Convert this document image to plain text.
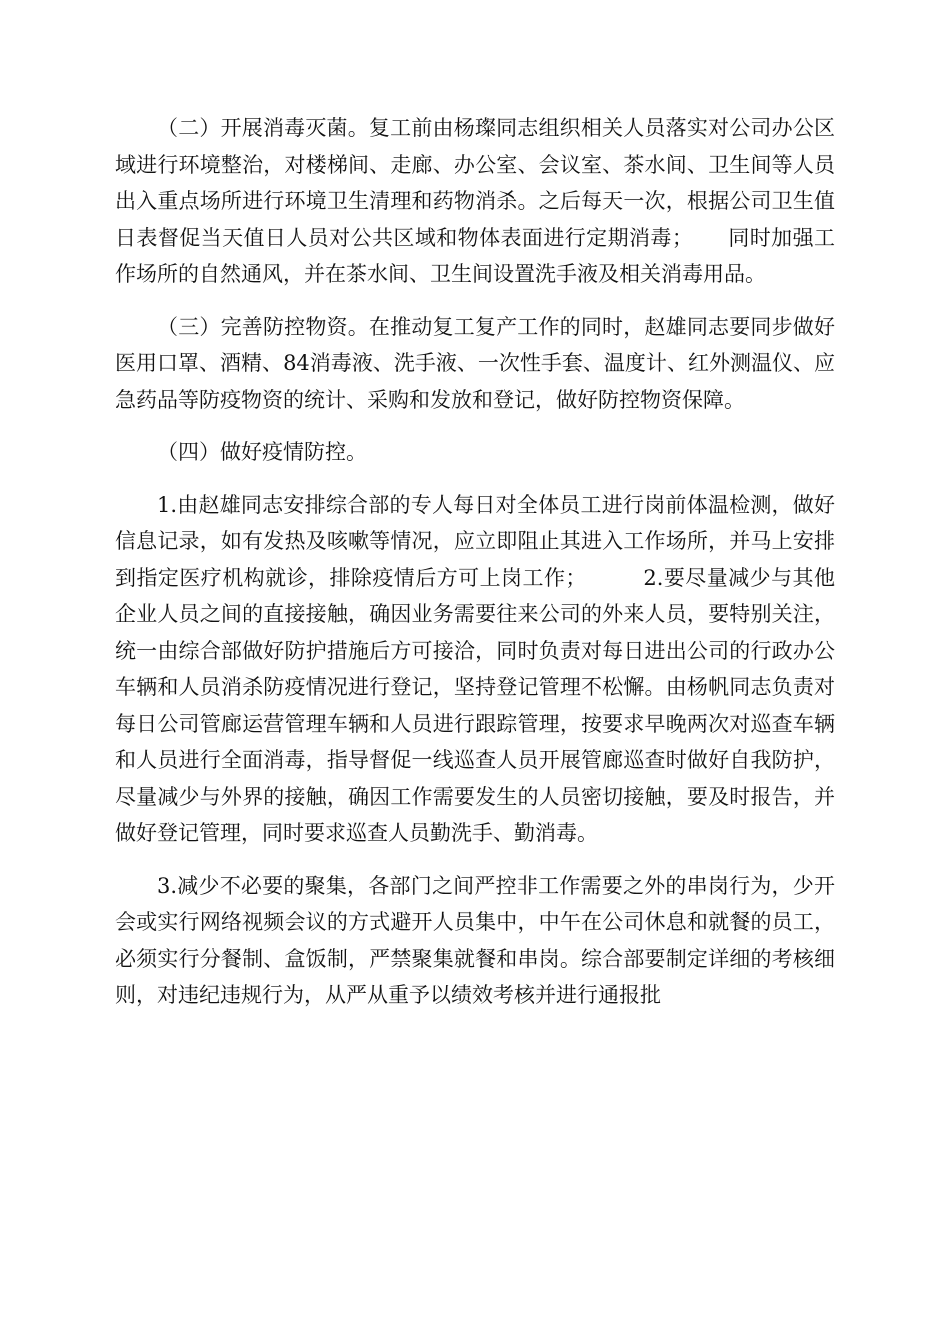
（二）开展消毒灭菌。复工前由杨璨同志组织相关人员落实对公司办公区域进行环境整治，对楼梯间、走廊、办公室、会议室、茶水间、卫生间等人员出入重点场所进行环境卫生清理和药物消杀。之后每天一次，根据公司卫生值日表督促当天值日人员对公共区域和物体表面进行定期消毒； 同时加强工作场所的自然通风，并在茶水间、卫生间设置洗手液及相关消毒用品。

（三）完善防控物资。在推动复工复产工作的同时，赵雄同志要同步做好医用口罩、酒精、84消毒液、洗手液、一次性手套、温度计、红外测温仪、应急药品等防疫物资的统计、采购和发放和登记，做好防控物资保障。

（四）做好疫情防控。

1.由赵雄同志安排综合部的专人每日对全体员工进行岗前体温检测，做好信息记录，如有发热及咳嗽等情况，应立即阻止其进入工作场所，并马上安排到指定医疗机构就诊，排除疫情后方可上岗工作；	2.要尽量减少与其他企业人员之间的直接接触，确因业务需要往来公司的外来人员，要特别关注，统一由综合部做好防护措施后方可接洽，同时负责对每日进出公司的行政办公车辆和人员消杀防疫情况进行登记，坚持登记管理不松懈。由杨帆同志负责对每日公司管廊运营管理车辆和人员进行跟踪管理，按要求早晚两次对巡查车辆和人员进行全面消毒，指导督促一线巡查人员开展管廊巡查时做好自我防护，尽量减少与外界的接触，确因工作需要发生的人员密切接触，要及时报告，并做好登记管理，同时要求巡查人员勤洗手、勤消毒。

3.减少不必要的聚集，各部门之间严控非工作需要之外的串岗行为，少开会或实行网络视频会议的方式避开人员集中，中午在公司休息和就餐的员工，必须实行分餐制、盒饭制，严禁聚集就餐和串岗。综合部要制定详细的考核细则，对违纪违规行为，从严从重予以绩效考核并进行通报批
